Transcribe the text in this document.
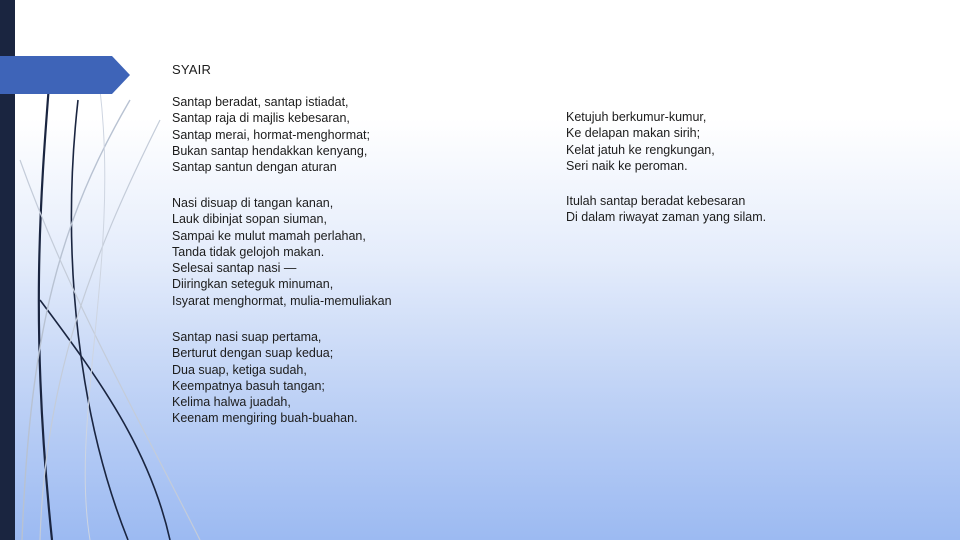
SYAIR
Santap beradat, santap istiadat,
Santap raja di majlis kebesaran,
Santap merai, hormat-menghormat;
Bukan santap hendakkan kenyang,
Santap santun dengan aturan
Nasi disuap di tangan kanan,
Lauk dibinjat sopan siuman,
Sampai ke mulut mamah perlahan,
Tanda tidak gelojoh makan.
Selesai santap nasi —
Diiringkan seteguk minuman,
Isyarat menghormat, mulia-memuliakan
Santap nasi suap pertama,
Berturut dengan suap kedua;
Dua suap, ketiga sudah,
Keempatnya basuh tangan;
Kelima halwa juadah,
Keenam mengiring buah-buahan.
Ketujuh berkumur-kumur,
Ke delapan makan sirih;
Kelat jatuh ke rengkungan,
Seri naik ke peroman.
Itulah santap beradat kebesaran
Di dalam riwayat zaman yang silam.
